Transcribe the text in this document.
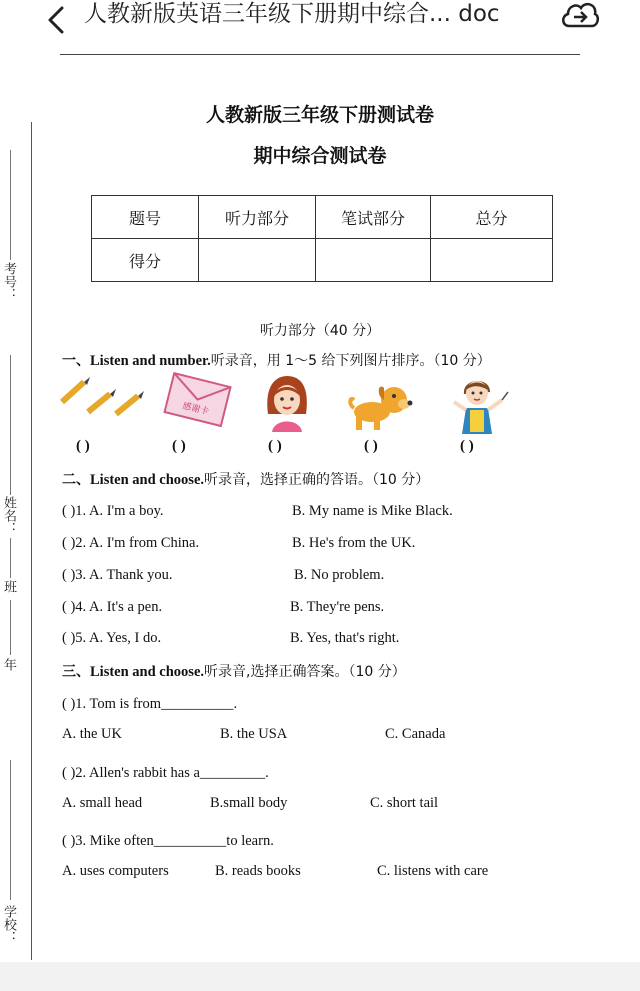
人教新版英语三年级下册期中综合... doc
考号：
姓名：
班
年
学校：
人教新版三年级下册测试卷
期中综合测试卷
题号	听力部分	笔试部分	总分
得分			
听力部分（40 分）
一、Listen and number.听录音，用 1～5 给下列图片排序。（10 分）
感谢卡
( )	( )	( )	( )	( )
二、Listen and choose.听录音，选择正确的答语。（10 分）
( )1. A. I'm a boy.	B. My name is Mike Black.
( )2. A. I'm from China.	B. He's from the UK.
( )3. A. Thank you.	B. No problem.
( )4. A. It's a pen.	B. They're pens.
( )5. A. Yes, I do.	B. Yes, that's right.
三、Listen and choose.听录音,选择正确答案。（10 分）
( )1. Tom is from__________.
A. the UK	B. the USA	C. Canada
( )2. Allen's rabbit has a_________.
A. small head	B.small body	C. short tail
( )3. Mike often__________to learn.
A. uses computers	B. reads books	C. listens with care
